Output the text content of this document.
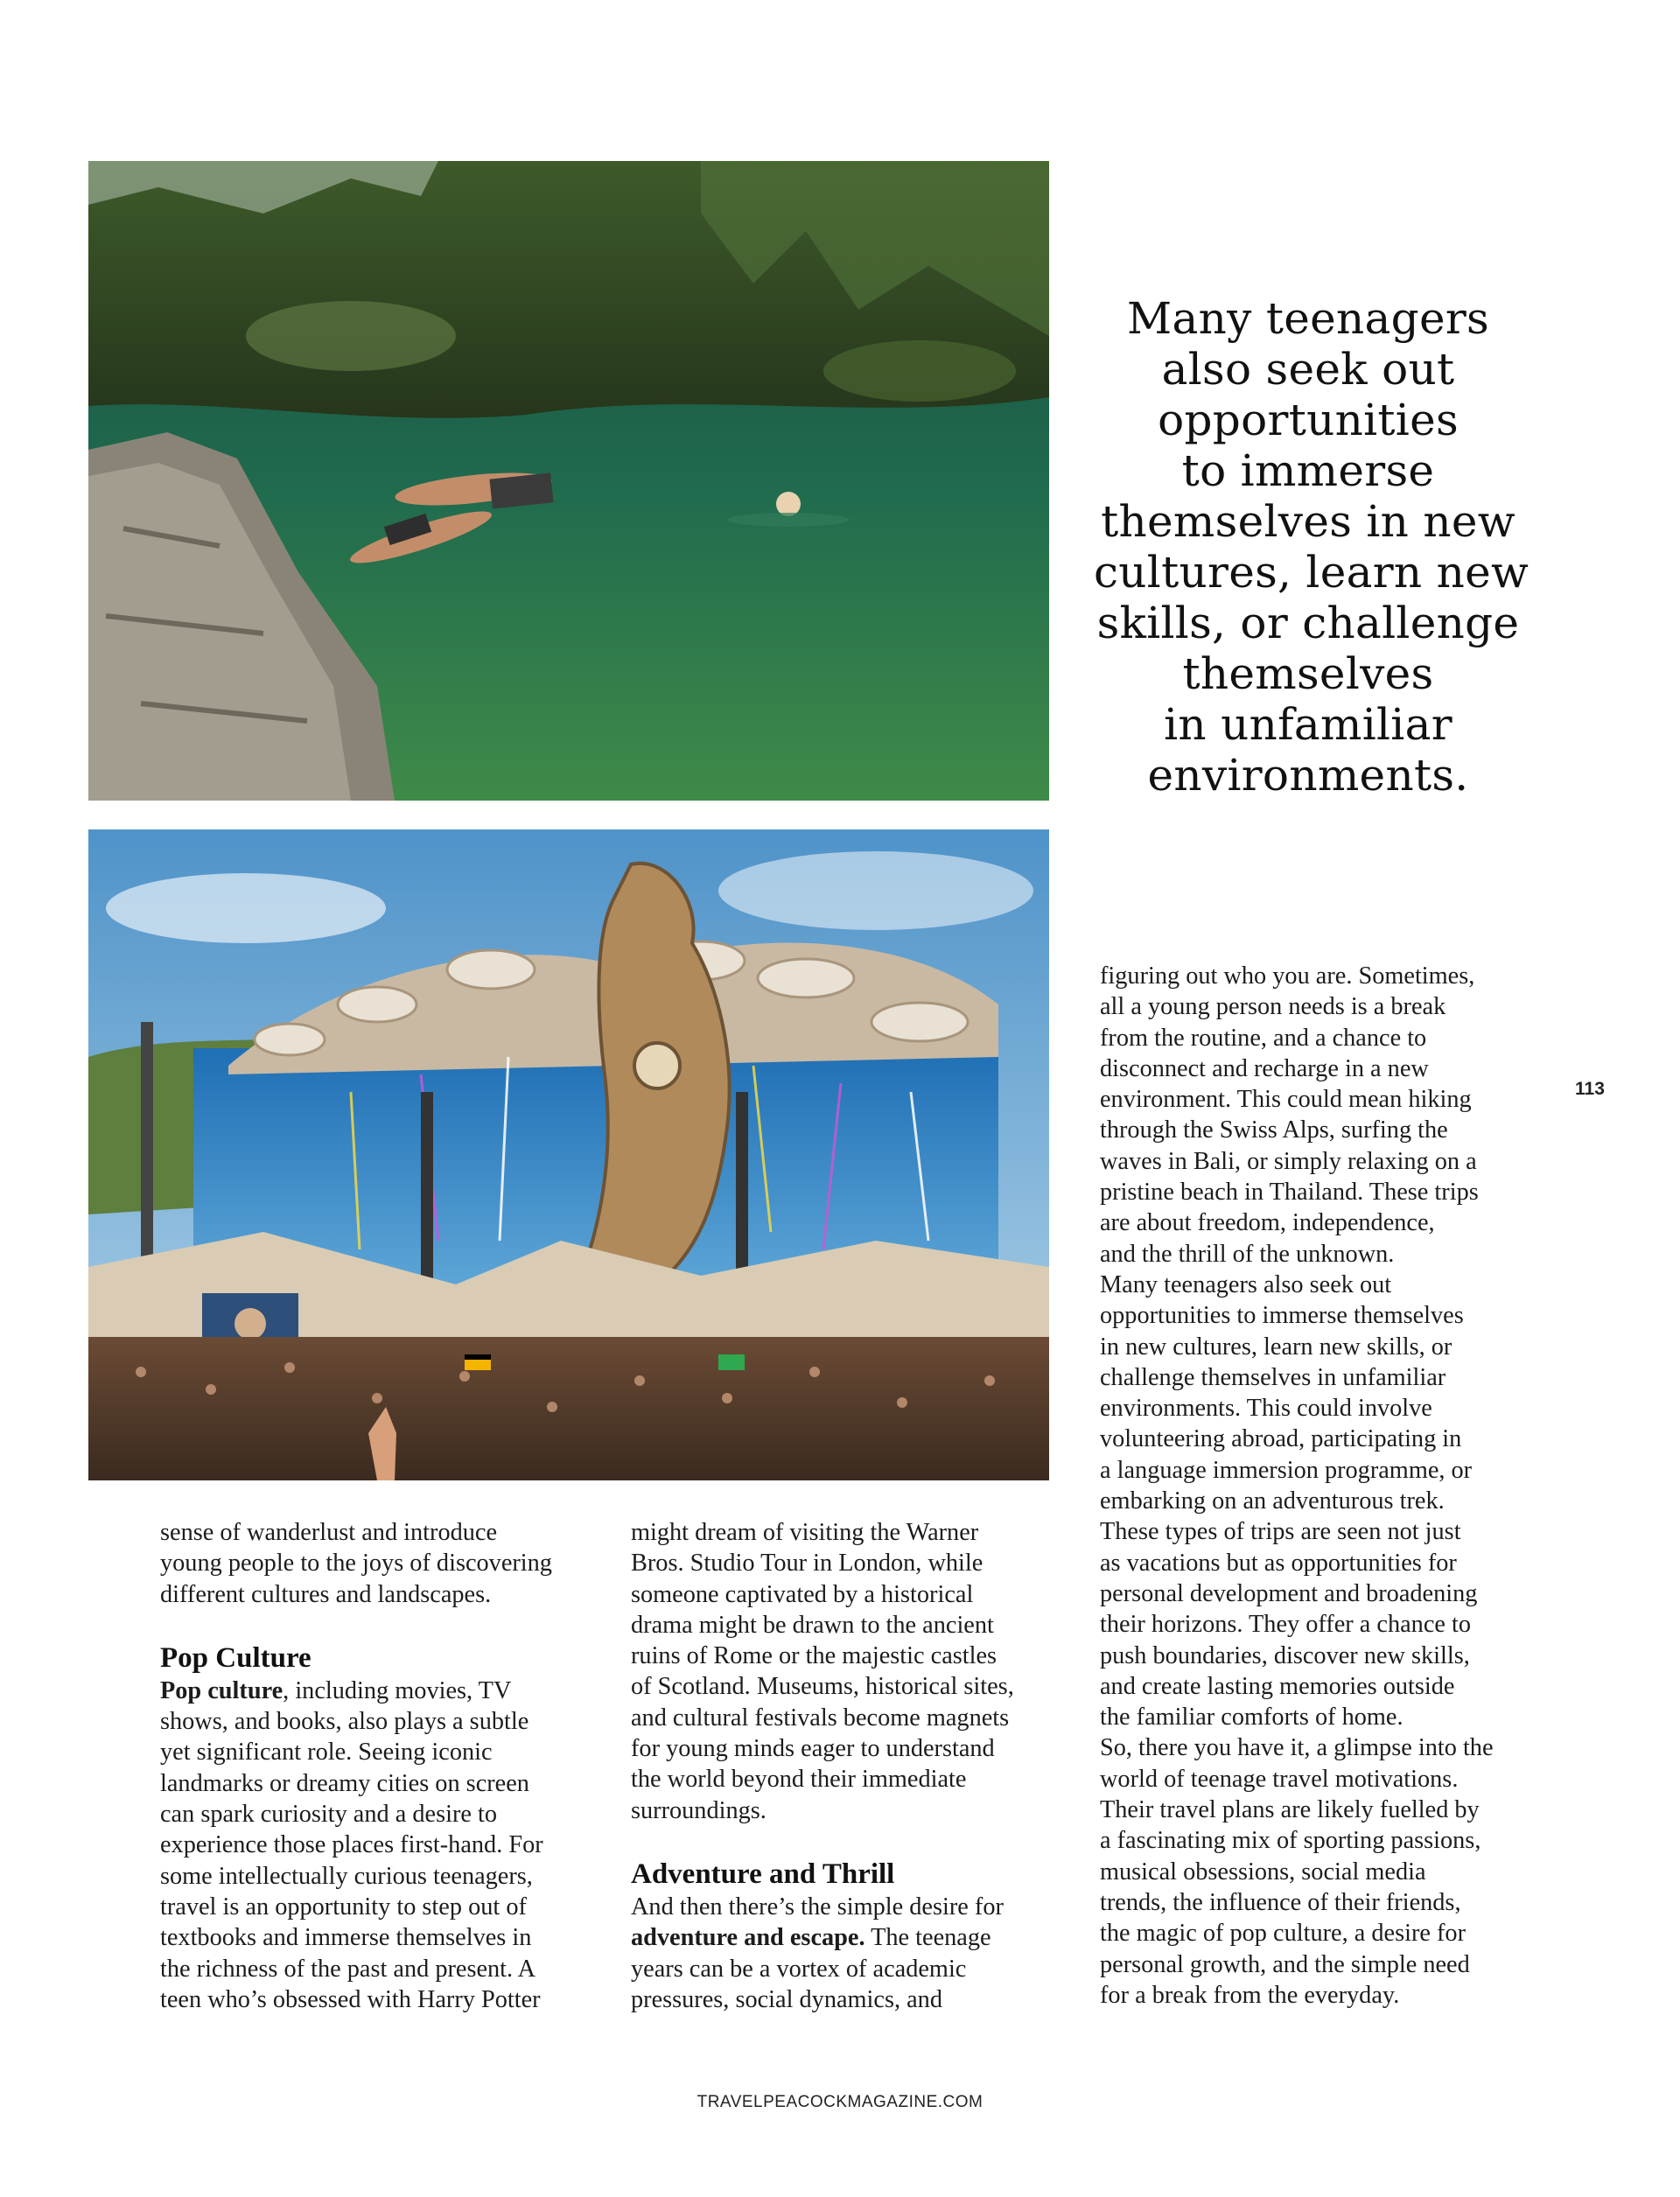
Many teenagers
also seek out
opportunities
to immerse
themselves in new
cultures, learn new
skills, or challenge
themselves
in unfamiliar
environments.
sense of wanderlust and introduce
young people to the joys of discovering
different cultures and landscapes.
Pop Culture
Pop culture, including movies, TV
shows, and books, also plays a subtle
yet significant role. Seeing iconic
landmarks or dreamy cities on screen
can spark curiosity and a desire to
experience those places first-hand. For
some intellectually curious teenagers,
travel is an opportunity to step out of
textbooks and immerse themselves in
the richness of the past and present. A
teen who’s obsessed with Harry Potter
might dream of visiting the Warner
Bros. Studio Tour in London, while
someone captivated by a historical
drama might be drawn to the ancient
ruins of Rome or the majestic castles
of Scotland. Museums, historical sites,
and cultural festivals become magnets
for young minds eager to understand
the world beyond their immediate
surroundings.
Adventure and Thrill
And then there’s the simple desire for
adventure and escape. The teenage
years can be a vortex of academic
pressures, social dynamics, and
figuring out who you are. Sometimes,
all a young person needs is a break
from the routine, and a chance to
disconnect and recharge in a new
environment. This could mean hiking
through the Swiss Alps, surfing the
waves in Bali, or simply relaxing on a
pristine beach in Thailand. These trips
are about freedom, independence,
and the thrill of the unknown.
Many teenagers also seek out
opportunities to immerse themselves
in new cultures, learn new skills, or
challenge themselves in unfamiliar
environments. This could involve
volunteering abroad, participating in
a language immersion programme, or
embarking on an adventurous trek.
These types of trips are seen not just
as vacations but as opportunities for
personal development and broadening
their horizons. They offer a chance to
push boundaries, discover new skills,
and create lasting memories outside
the familiar comforts of home.
So, there you have it, a glimpse into the
world of teenage travel motivations.
Their travel plans are likely fuelled by
a fascinating mix of sporting passions,
musical obsessions, social media
trends, the influence of their friends,
the magic of pop culture, a desire for
personal growth, and the simple need
for a break from the everyday.
113
TRAVELPEACOCKMAGAZINE.COM
